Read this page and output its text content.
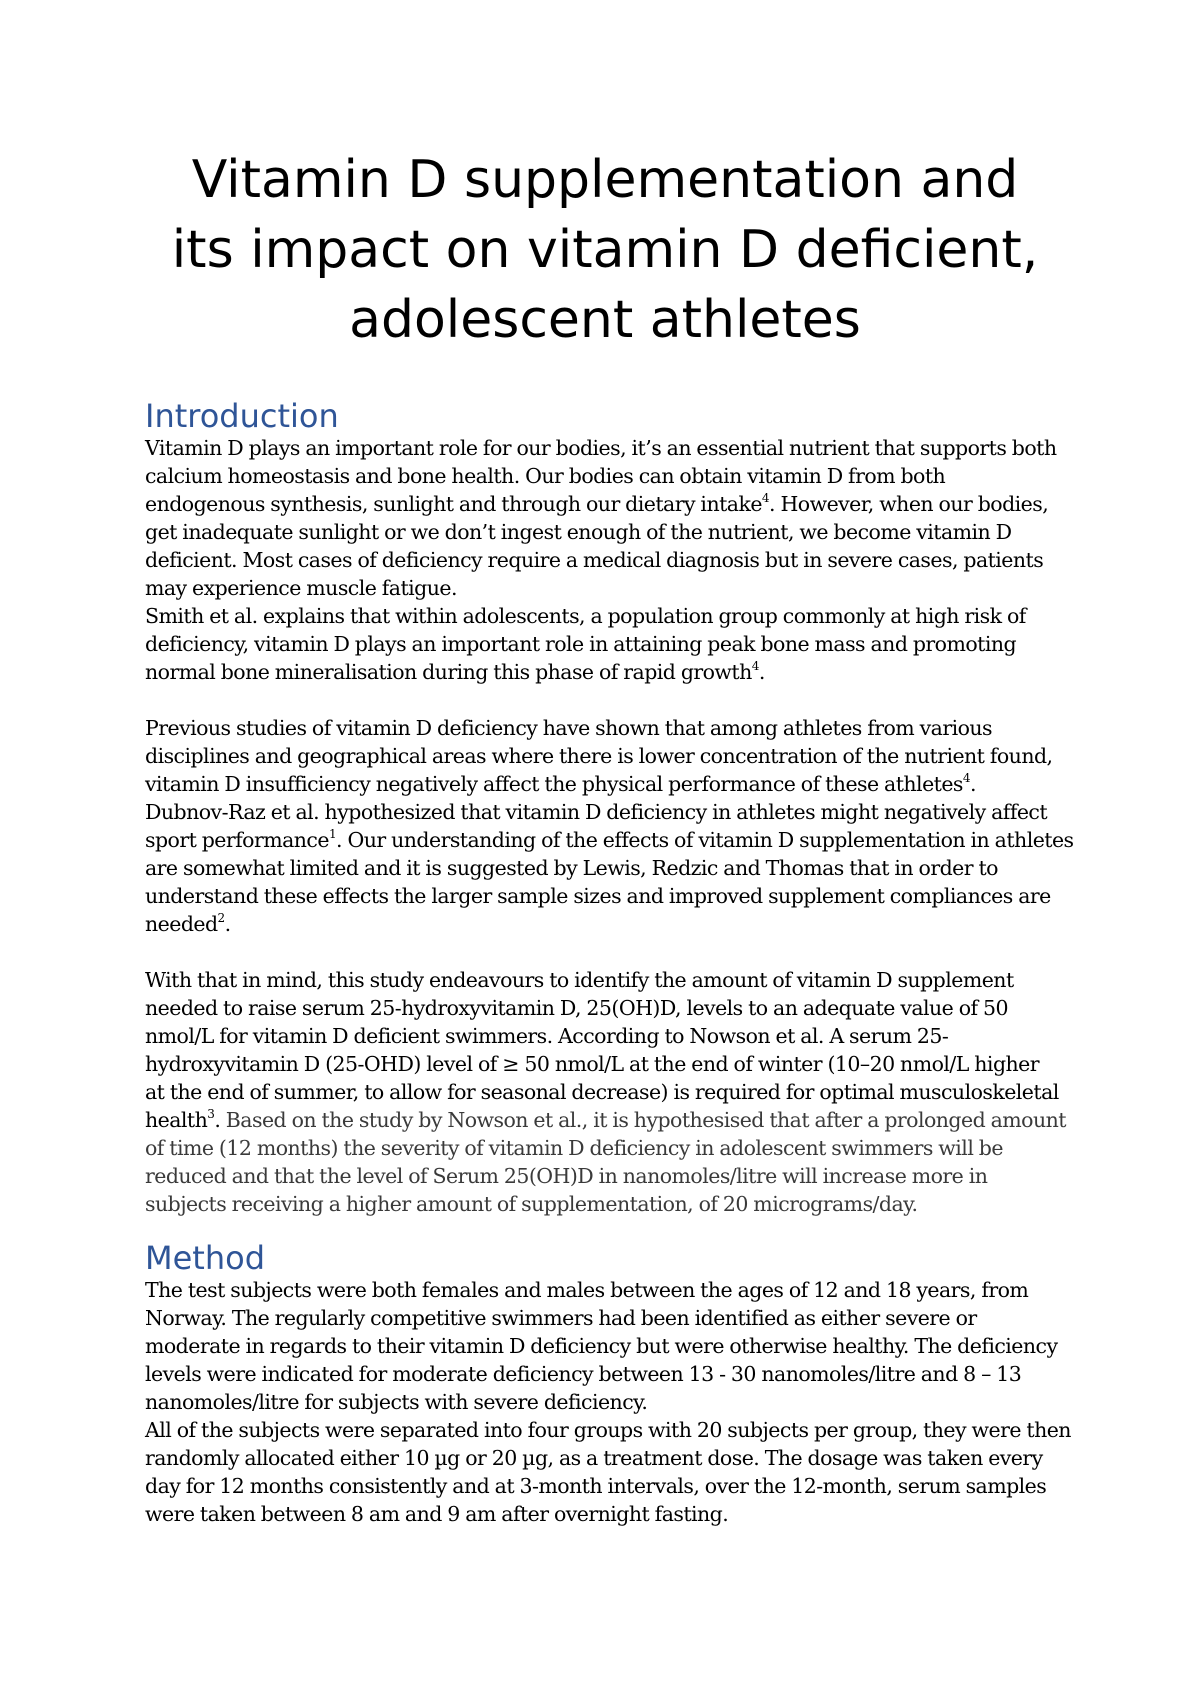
Vitamin D supplementation and
its impact on vitamin D deficient,
adolescent athletes
Introduction
Vitamin D plays an important role for our bodies, it’s an essential nutrient that supports both
calcium homeostasis and bone health. Our bodies can obtain vitamin D from both
endogenous synthesis, sunlight and through our dietary intake$^4$. However, when our bodies,
get inadequate sunlight or we don’t ingest enough of the nutrient, we become vitamin D
deficient. Most cases of deficiency require a medical diagnosis but in severe cases, patients
may experience muscle fatigue.
Smith et al. explains that within adolescents, a population group commonly at high risk of
deficiency, vitamin D plays an important role in attaining peak bone mass and promoting
normal bone mineralisation during this phase of rapid growth$^4$.
Previous studies of vitamin D deficiency have shown that among athletes from various
disciplines and geographical areas where there is lower concentration of the nutrient found,
vitamin D insufficiency negatively affect the physical performance of these athletes$^4$.
Dubnov-Raz et al. hypothesized that vitamin D deficiency in athletes might negatively affect
sport performance$^1$. Our understanding of the effects of vitamin D supplementation in athletes
are somewhat limited and it is suggested by Lewis, Redzic and Thomas that in order to
understand these effects the larger sample sizes and improved supplement compliances are
needed$^2$.
With that in mind, this study endeavours to identify the amount of vitamin D supplement
needed to raise serum 25-hydroxyvitamin D, 25(OH)D, levels to an adequate value of 50
nmol/L for vitamin D deficient swimmers. According to Nowson et al. A serum 25-
hydroxyvitamin D (25-OHD) level of ≥ 50 nmol/L at the end of winter (10–20 nmol/L higher
at the end of summer, to allow for seasonal decrease) is required for optimal musculoskeletal
health$^3$. Based on the study by Nowson et al., it is hypothesised that after a prolonged amount
of time (12 months) the severity of vitamin D deficiency in adolescent swimmers will be
reduced and that the level of Serum 25(OH)D in nanomoles/litre will increase more in
subjects receiving a higher amount of supplementation, of 20 micrograms/day.
Method
The test subjects were both females and males between the ages of 12 and 18 years, from
Norway. The regularly competitive swimmers had been identified as either severe or
moderate in regards to their vitamin D deficiency but were otherwise healthy. The deficiency
levels were indicated for moderate deficiency between 13 - 30 nanomoles/litre and 8 – 13
nanomoles/litre for subjects with severe deficiency.
All of the subjects were separated into four groups with 20 subjects per group, they were then
randomly allocated either 10 µg or 20 µg, as a treatment dose. The dosage was taken every
day for 12 months consistently and at 3-month intervals, over the 12-month, serum samples
were taken between 8 am and 9 am after overnight fasting.
